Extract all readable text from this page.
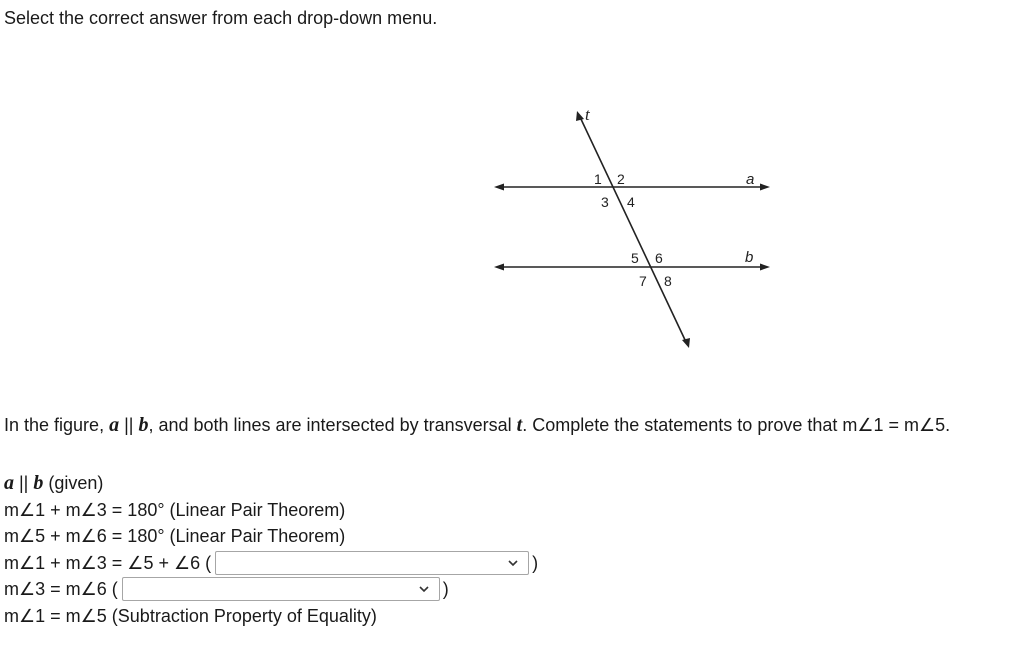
Select the correct answer from each drop-down menu.
t
a
b
1 2
3 4
5 6
7 8

In the figure, a || b, and both lines are intersected by transversal t. Complete the statements to prove that m∠1 = m∠5.

a || b (given)
m∠1 + m∠3 = 180° (Linear Pair Theorem)
m∠5 + m∠6 = 180° (Linear Pair Theorem)
m∠1 + m∠3 = ∠5 + ∠6 (	)
m∠3 = m∠6 (	)
m∠1 = m∠5 (Subtraction Property of Equality)
